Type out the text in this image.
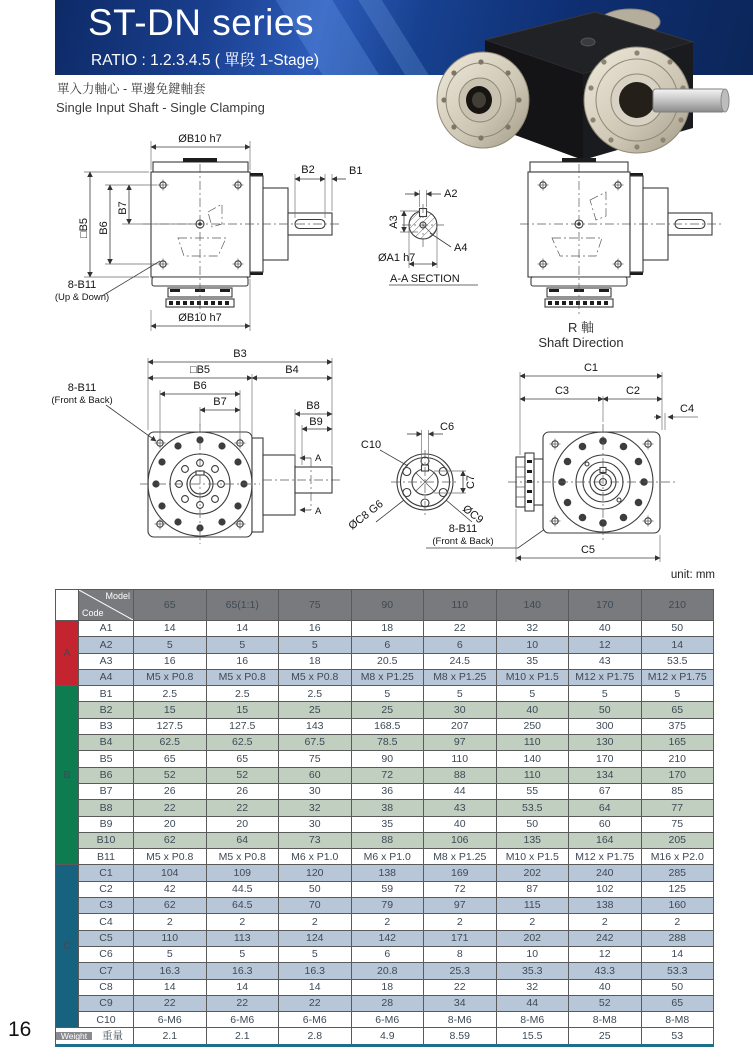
ST-DN series
RATIO : 1.2.3.4.5 ( 單段 1-Stage)
單入力軸心 - 單邊免鍵軸套
Single Input Shaft - Single Clamping
ØB10 h7
ØB10 h7
□B5 B6
B7
B2	B1
8-B11
(Up & Down)
A2
A3
ØA1 h7
A4
A-A SECTION
R 軸
Shaft Direction
A
A
B3
□B5	B4
B6
B7	B8
B9
8-B11
(Front & Back)
C6
C10
ØC8 G6	ØC9
C7
8-B11
(Front & Back)
C1
C3	C2
C4
C5
unit: mm

	Model
Code	65	65(1:1)	75	90	110	140	170	210
A	A1	14	14	16	18	22	32	40	50
	A2	5	5	5	6	6	10	12	14
	A3	16	16	18	20.5	24.5	35	43	53.5
	A4	M5 x P0.8	M5 x P0.8	M5 x P0.8	M8 x P1.25	M8 x P1.25	M10 x P1.5	M12 x P1.75	M12 x P1.75
B	B1	2.5	2.5	2.5	5	5	5	5	5
	B2	15	15	25	25	30	40	50	65
	B3	127.5	127.5	143	168.5	207	250	300	375
	B4	62.5	62.5	67.5	78.5	97	110	130	165
	B5	65	65	75	90	110	140	170	210
	B6	52	52	60	72	88	110	134	170
	B7	26	26	30	36	44	55	67	85
	B8	22	22	32	38	43	53.5	64	77
	B9	20	20	30	35	40	50	60	75
	B10	62	64	73	88	106	135	164	205
	B11	M5 x P0.8	M5 x P0.8	M6 x P1.0	M6 x P1.0	M8 x P1.25	M10 x P1.5	M12 x P1.75	M16 x P2.0
C	C1	104	109	120	138	169	202	240	285
	C2	42	44.5	50	59	72	87	102	125
	C3	62	64.5	70	79	97	115	138	160
	C4	2	2	2	2	2	2	2	2
	C5	110	113	124	142	171	202	242	288
	C6	5	5	5	6	8	10	12	14
	C7	16.3	16.3	16.3	20.8	25.3	35.3	43.3	53.3
	C8	14	14	14	18	22	32	40	50
	C9	22	22	22	28	34	44	52	65
	C10	6-M6	6-M6	6-M6	6-M6	8-M6	8-M6	8-M8	8-M8

Weight 重量		2.1	2.1	2.8	4.9	8.59	15.5	25	53
16
